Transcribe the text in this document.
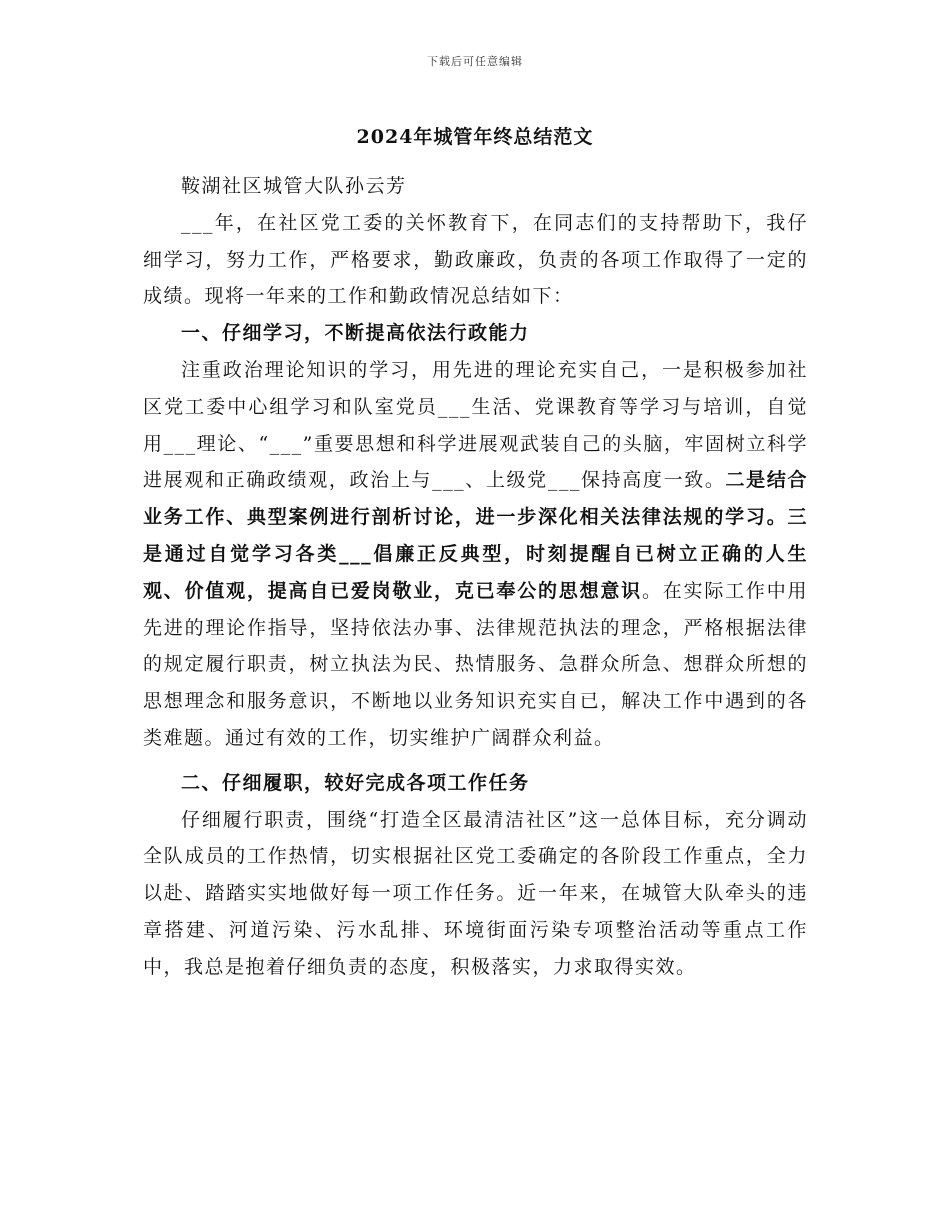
下载后可任意编辑
2024年城管年终总结范文

鞍湖社区城管大队孙云芳

___年，在社区党工委的关怀教育下，在同志们的支持帮助下，我仔细学习，努力工作，严格要求，勤政廉政，负责的各项工作取得了一定的成绩。现将一年来的工作和勤政情况总结如下：

一、仔细学习，不断提高依法行政能力

注重政治理论知识的学习，用先进的理论充实自己，一是积极参加社区党工委中心组学习和队室党员___生活、党课教育等学习与培训，自觉用___理论、“___”重要思想和科学进展观武装自己的头脑，牢固树立科学进展观和正确政绩观，政治上与___、上级党___保持高度一致。二是结合业务工作、典型案例进行剖析讨论，进一步深化相关法律法规的学习。三是通过自觉学习各类___倡廉正反典型，时刻提醒自已树立正确的人生观、价值观，提高自已爱岗敬业，克已奉公的思想意识。在实际工作中用先进的理论作指导，坚持依法办事、法律规范执法的理念，严格根据法律的规定履行职责，树立执法为民、热情服务、急群众所急、想群众所想的思想理念和服务意识，不断地以业务知识充实自已，解决工作中遇到的各类难题。通过有效的工作，切实维护广阔群众利益。

二、仔细履职，较好完成各项工作任务

仔细履行职责，围绕“打造全区最清洁社区”这一总体目标，充分调动全队成员的工作热情，切实根据社区党工委确定的各阶段工作重点，全力以赴、踏踏实实地做好每一项工作任务。近一年来，在城管大队牵头的违章搭建、河道污染、污水乱排、环境街面污染专项整治活动等重点工作中，我总是抱着仔细负责的态度，积极落实，力求取得实效。
